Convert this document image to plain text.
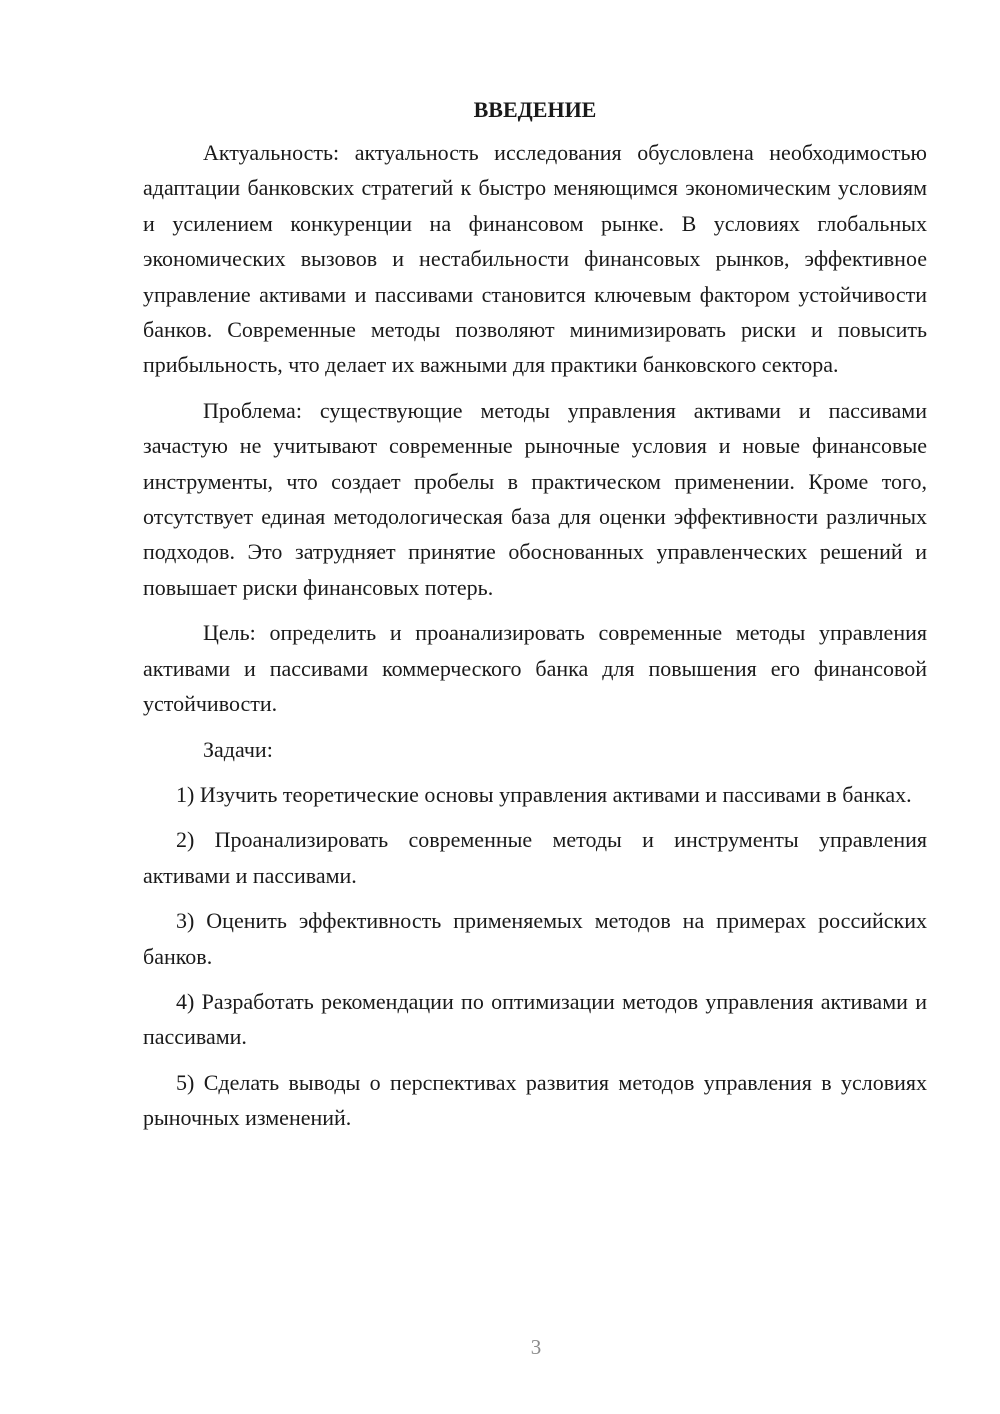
ВВЕДЕНИЕ

Актуальность: актуальность исследования обусловлена необходимостью адаптации банковских стратегий к быстро меняющимся экономическим условиям и усилением конкуренции на финансовом рынке. В условиях глобальных экономических вызовов и нестабильности финансовых рынков, эффективное управление активами и пассивами становится ключевым фактором устойчивости банков. Современные методы позволяют минимизировать риски и повысить прибыльность, что делает их важными для практики банковского сектора.

Проблема: существующие методы управления активами и пассивами зачастую не учитывают современные рыночные условия и новые финансовые инструменты, что создает пробелы в практическом применении. Кроме того, отсутствует единая методологическая база для оценки эффективности различных подходов. Это затрудняет принятие обоснованных управленческих решений и повышает риски финансовых потерь.

Цель: определить и проанализировать современные методы управления активами и пассивами коммерческого банка для повышения его финансовой устойчивости.

Задачи:

1) Изучить теоретические основы управления активами и пассивами в банках.

2) Проанализировать современные методы и инструменты управления активами и пассивами.

3) Оценить эффективность применяемых методов на примерах российских банков.

4) Разработать рекомендации по оптимизации методов управления активами и пассивами.

5) Сделать выводы о перспективах развития методов управления в условиях рыночных изменений.

3
